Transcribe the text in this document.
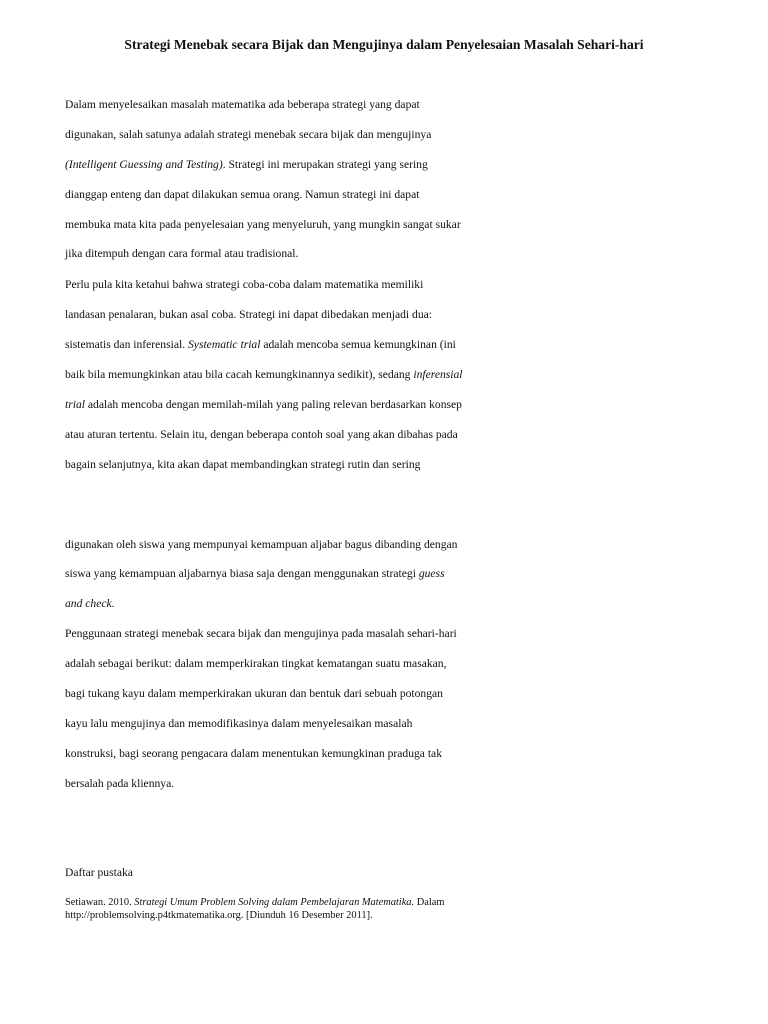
Strategi Menebak secara Bijak dan Mengujinya dalam Penyelesaian Masalah Sehari-hari
Dalam menyelesaikan masalah matematika ada beberapa strategi yang dapat
digunakan, salah satunya adalah strategi menebak secara bijak dan mengujinya
(Intelligent Guessing and Testing). Strategi ini merupakan strategi yang sering
dianggap enteng dan dapat dilakukan semua orang. Namun strategi ini dapat
membuka mata kita pada penyelesaian yang menyeluruh, yang mungkin sangat sukar
jika ditempuh dengan cara formal atau tradisional.
Perlu pula kita ketahui bahwa strategi coba-coba dalam matematika memiliki
landasan penalaran, bukan asal coba. Strategi ini dapat dibedakan menjadi dua:
sistematis dan inferensial. Systematic trial adalah mencoba semua kemungkinan (ini
baik bila memungkinkan atau bila cacah kemungkinannya sedikit), sedang inferensial
trial adalah mencoba dengan memilah-milah yang paling relevan berdasarkan konsep
atau aturan tertentu. Selain itu, dengan beberapa contoh soal yang akan dibahas pada
bagain selanjutnya, kita akan dapat membandingkan strategi rutin dan sering
digunakan oleh siswa yang mempunyai kemampuan aljabar bagus dibanding dengan
siswa yang kemampuan aljabarnya biasa saja dengan menggunakan strategi guess
and check.
Penggunaan strategi menebak secara bijak dan mengujinya pada masalah sehari-hari
adalah sebagai berikut: dalam memperkirakan tingkat kematangan suatu masakan,
bagi tukang kayu dalam memperkirakan ukuran dan bentuk dari sebuah potongan
kayu lalu mengujinya dan memodifikasinya dalam menyelesaikan masalah
konstruksi, bagi seorang pengacara dalam menentukan kemungkinan praduga tak
bersalah pada kliennya.
Daftar pustaka
Setiawan. 2010. Strategi Umum Problem Solving dalam Pembelajaran Matematika. Dalam
http://problemsolving.p4tkmatematika.org. [Diunduh 16 Desember 2011].
